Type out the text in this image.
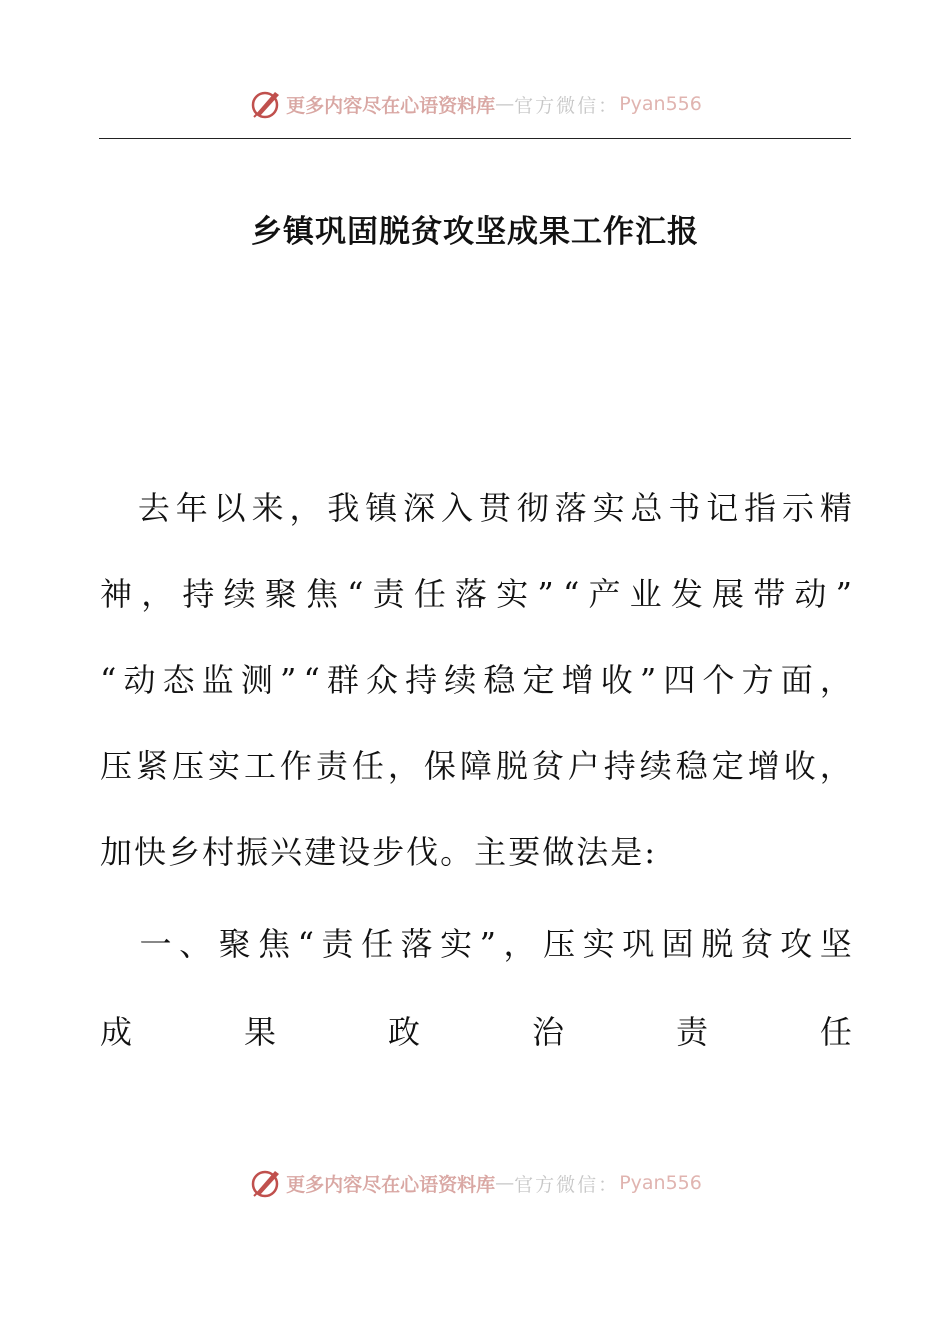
更多内容尽在心语资料库 — 官方微信： Pyan556
乡镇巩固脱贫攻坚成果工作汇报

去 年 以 来 ， 我 镇 深 入 贯 彻 落 实 总 书 记 指 示 精
神 ， 持 续 聚 焦 “ 责 任 落 实 ” “ 产 业 发 展 带 动 ”
“ 动 态 监 测 ” “ 群 众 持 续 稳 定 增 收 ” 四 个 方 面 ，
压 紧 压 实 工 作 责 任 ， 保 障 脱 贫 户 持 续 稳 定 增 收 ，
加 快 乡 村 振 兴 建 设 步 伐 。 主 要 做 法 是 :

一 、 聚 焦 “ 责 任 落 实 ” ， 压 实 巩 固 脱 贫 攻 坚
成	果	政	治	责	任
更多内容尽在心语资料库 — 官方微信： Pyan556
